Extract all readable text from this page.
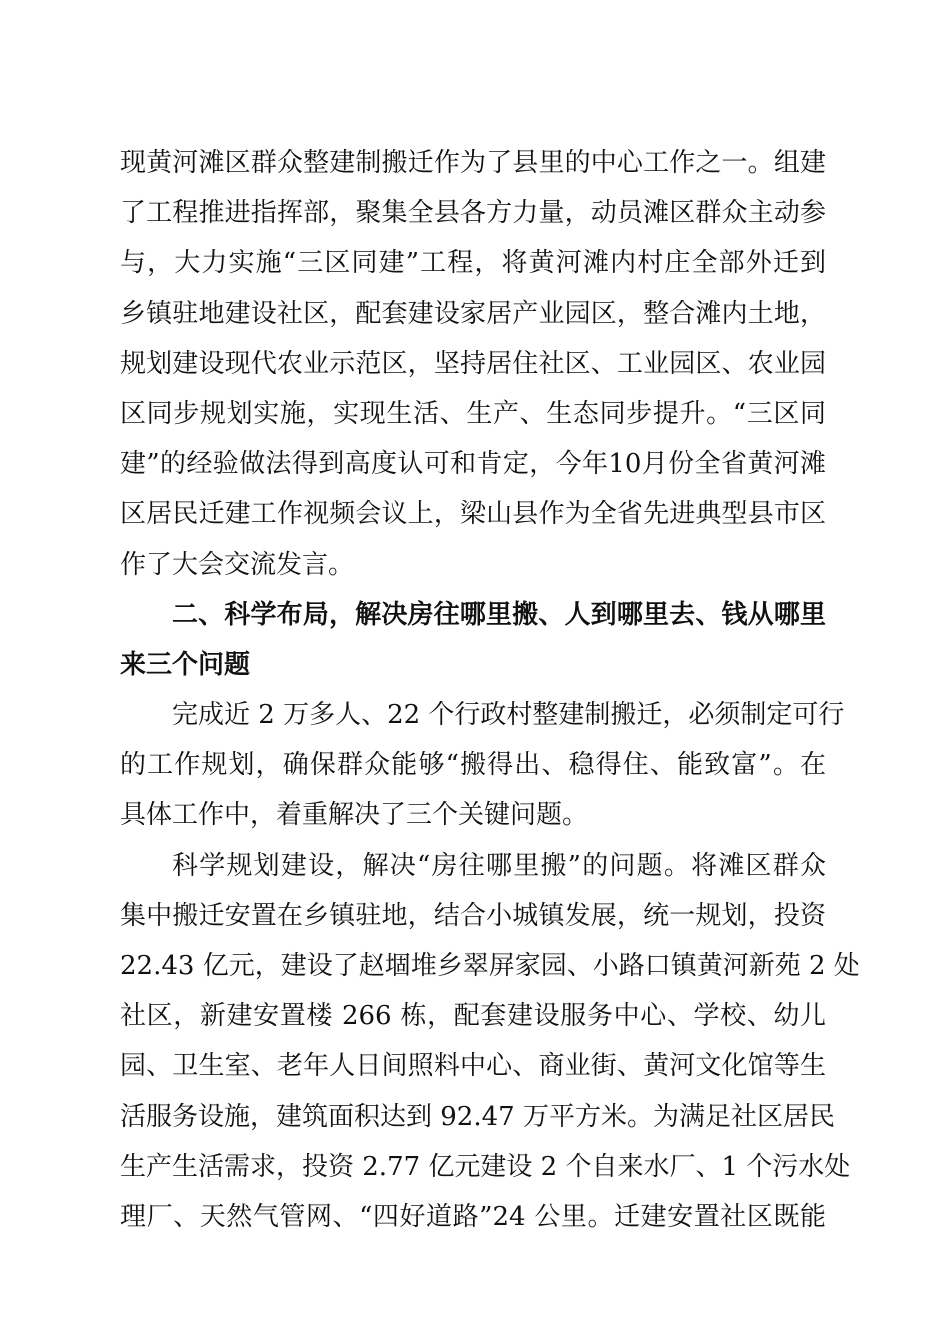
现黄河滩区群众整建制搬迁作为了县里的中心工作之一。组建
了工程推进指挥部，聚集全县各方力量，动员滩区群众主动参
与，大力实施“三区同建”工程，将黄河滩内村庄全部外迁到
乡镇驻地建设社区，配套建设家居产业园区，整合滩内土地，
规划建设现代农业示范区，坚持居住社区、工业园区、农业园
区同步规划实施，实现生活、生产、生态同步提升。“三区同
建”的经验做法得到高度认可和肯定，今年10月份全省黄河滩
区居民迁建工作视频会议上，梁山县作为全省先进典型县市区
作了大会交流发言。
二、科学布局，解决房往哪里搬、人到哪里去、钱从哪里
来三个问题
完成近 2 万多人、22 个行政村整建制搬迁，必须制定可行
的工作规划，确保群众能够“搬得出、稳得住、能致富”。在
具体工作中，着重解决了三个关键问题。
科学规划建设，解决“房往哪里搬”的问题。将滩区群众
集中搬迁安置在乡镇驻地，结合小城镇发展，统一规划，投资
22.43 亿元，建设了赵堌堆乡翠屏家园、小路口镇黄河新苑 2 处
社区，新建安置楼 266 栋，配套建设服务中心、学校、幼儿
园、卫生室、老年人日间照料中心、商业街、黄河文化馆等生
活服务设施，建筑面积达到 92.47 万平方米。为满足社区居民
生产生活需求，投资 2.77 亿元建设 2 个自来水厂、1 个污水处
理厂、天然气管网、“四好道路”24 公里。迁建安置社区既能
